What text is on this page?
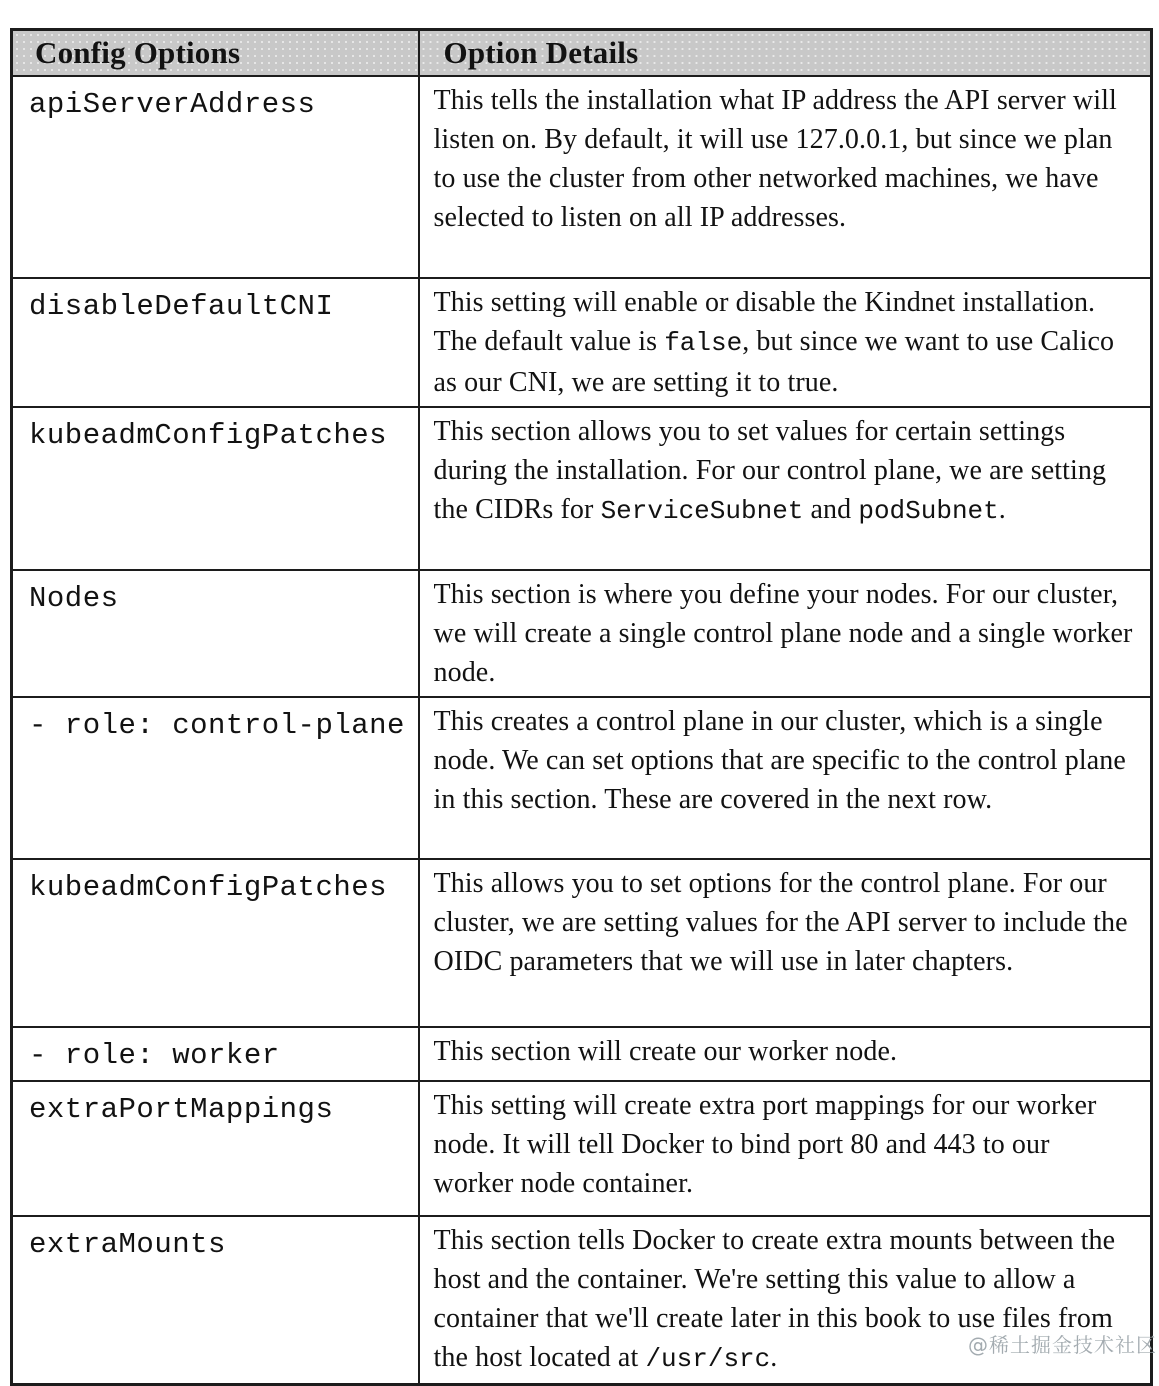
Config Options	Option Details
apiServerAddress	This tells the installation what IP address the API server will listen on. By default, it will use 127.0.0.1, but since we plan to use the cluster from other networked machines, we have selected to listen on all IP addresses.
disableDefaultCNI	This setting will enable or disable the Kindnet installation. The default value is false, but since we want to use Calico as our CNI, we are setting it to true.
kubeadmConfigPatches	This section allows you to set values for certain settings during the installation. For our control plane, we are setting the CIDRs for ServiceSubnet and podSubnet.
Nodes	This section is where you define your nodes. For our cluster, we will create a single control plane node and a single worker node.
- role: control-plane	This creates a control plane in our cluster, which is a single node. We can set options that are specific to the control plane in this section. These are covered in the next row.
kubeadmConfigPatches	This allows you to set options for the control plane. For our cluster, we are setting values for the API server to include the OIDC parameters that we will use in later chapters.
- role: worker	This section will create our worker node.
extraPortMappings	This setting will create extra port mappings for our worker node. It will tell Docker to bind port 80 and 443 to our worker node container.
extraMounts	This section tells Docker to create extra mounts between the host and the container. We're setting this value to allow a container that we'll create later in this book to use files from the host located at /usr/src.	@稀土掘金技术社区
